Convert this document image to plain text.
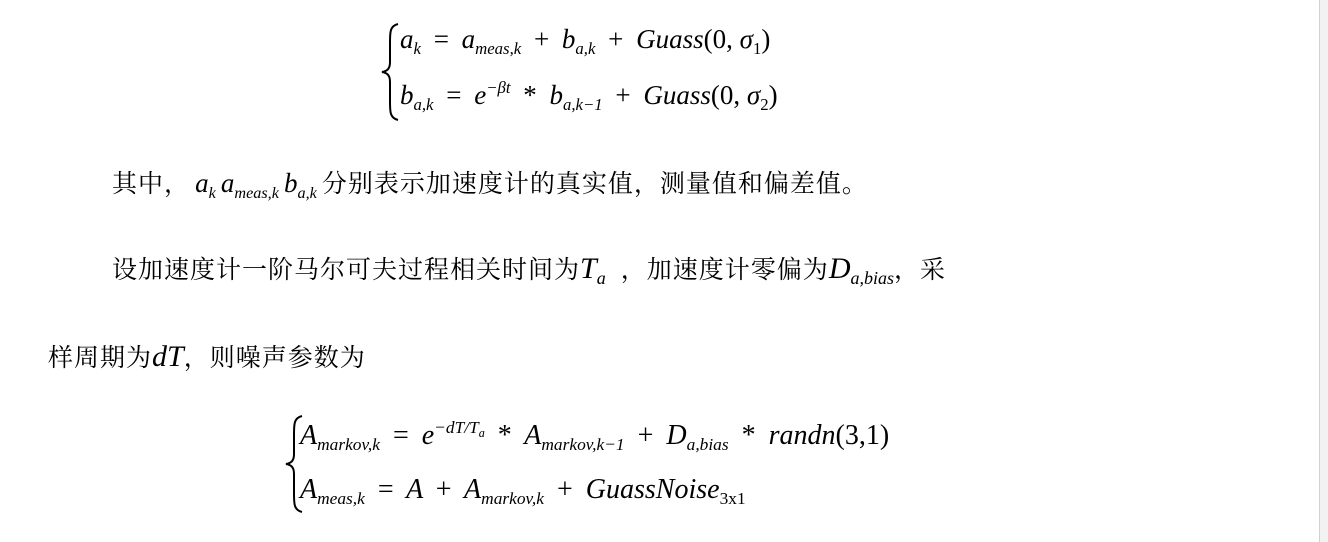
$a_k = a_{meas,k} + b_{a,k}$ + Guass(0, $\sigma_1$)
$b_{a,k} = e^{-\beta t} * b_{a,k-1}$ + Guass(0, $\sigma_2$)
其中， $a_k$ $a_{meas,k}$ $b_{a,k}$ 分别表示加速度计的真实值，测量值和偏差值。
设加速度计一阶马尔可夫过程相关时间为$T_a$ ，加速度计零偏为$D_{a,bias}$，采
样周期为dT，则噪声参数为
$A_{markov,k} = e^{-dT/T_a} * A_{markov,k-1} + D_{a,bias}$ * randn(3,1)
$A_{meas,k} = A + A_{markov,k}$ + GuassNoise$_{3x1}$
